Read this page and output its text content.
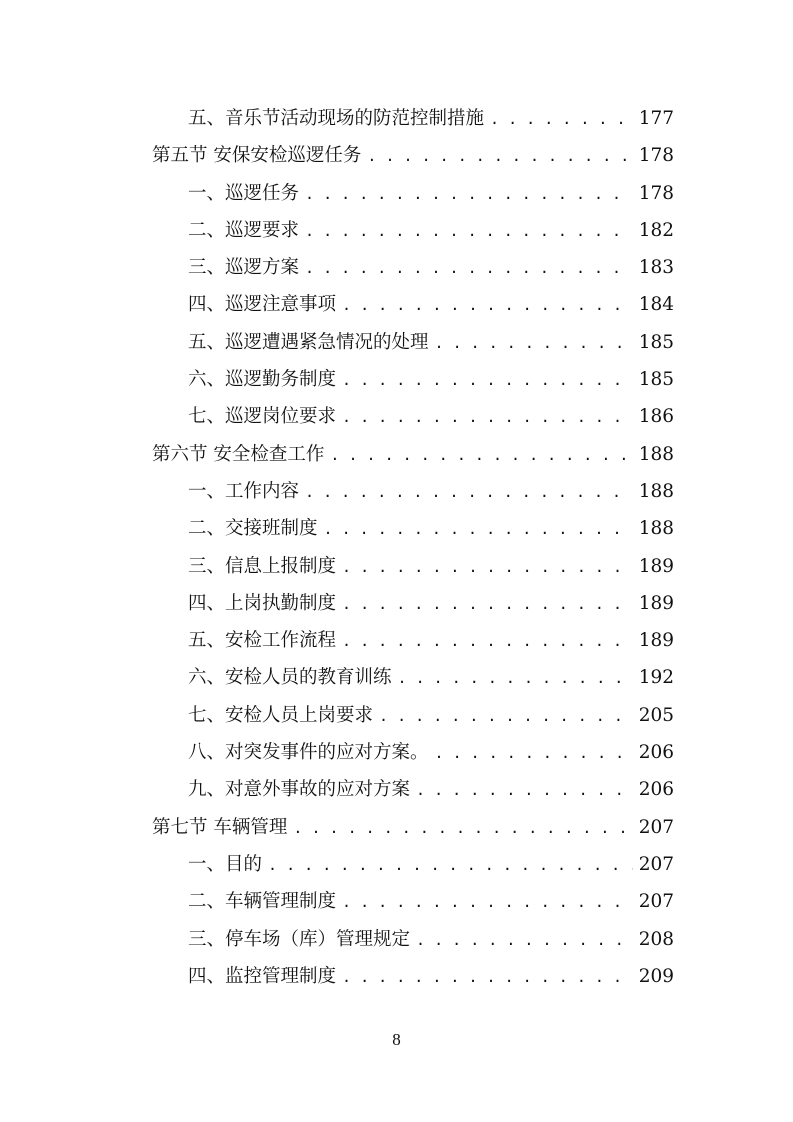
五、音乐节活动现场的防范控制措施 . . .	177
第五节 安保安检巡逻任务 . . .	178
一、巡逻任务 . . .	178
二、巡逻要求 . . .	182
三、巡逻方案 . . .	183
四、巡逻注意事项 . . .	184
五、巡逻遭遇紧急情况的处理 . . .	185
六、巡逻勤务制度 . . .	185
七、巡逻岗位要求 . . .	186
第六节 安全检查工作 . . .	188
一、工作内容 . . .	188
二、交接班制度 . . .	188
三、信息上报制度 . . .	189
四、上岗执勤制度 . . .	189
五、安检工作流程 . . .	189
六、安检人员的教育训练 . . .	192
七、安检人员上岗要求 . . .	205
八、对突发事件的应对方案。 . . .	206
九、对意外事故的应对方案 . . .	206
第七节 车辆管理 . . .	207
一、目的 . . .	207
二、车辆管理制度 . . .	207
三、停车场（库）管理规定 . . .	208
四、监控管理制度 . . .	209
8
